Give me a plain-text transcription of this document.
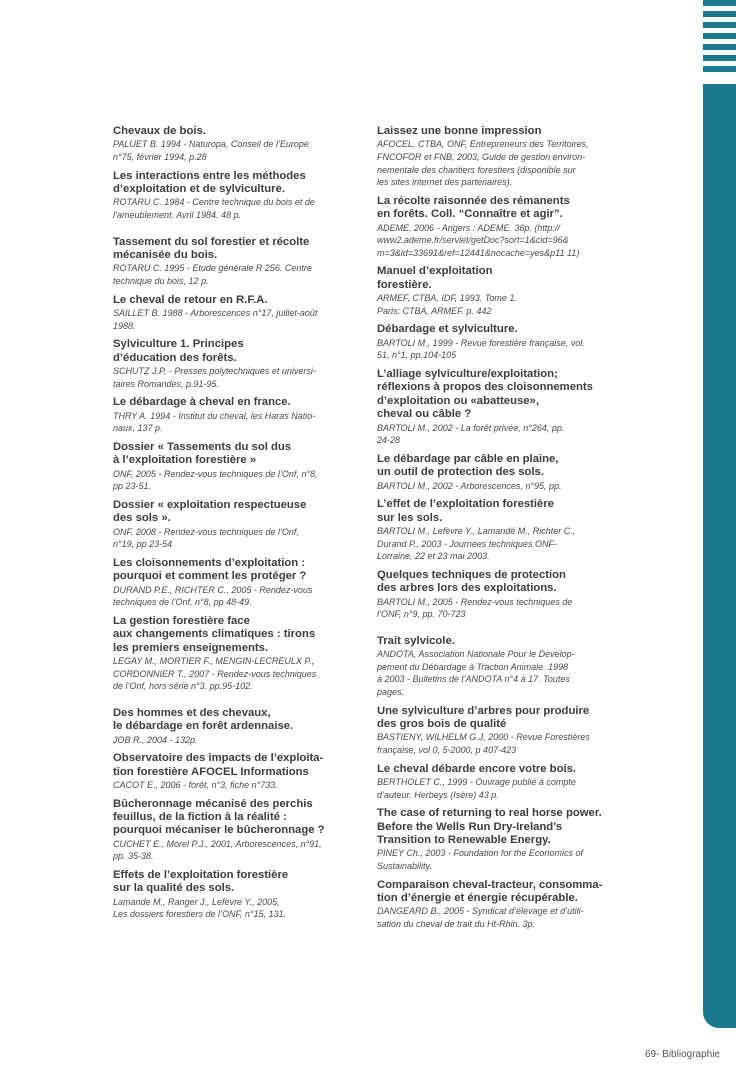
Chevaux de bois.
PALUET B. 1994 - Naturopa, Conseil de l’Europe
n°75, février 1994, p.28
Les interactions entre les méthodes
d’exploitation et de sylviculture.
ROTARU C. 1984 - Centre technique du bois et de
l’ameublement. Avril 1984. 48 p.
Tassement du sol forestier et récolte
mécanisée du bois.
ROTARU C. 1995 - Etude générale R 256. Centre
technique du bois, 12 p.
Le cheval de retour en R.F.A.
SAILLET B. 1988 - Arborescences n°17, juillet-août
1988.
Sylviculture 1. Principes
d’éducation des forêts.
SCHUTZ J.P. - Presses polytechniques et universi-
taires Romandes, p.91-95.
Le débardage à cheval en france.
THRY A. 1994 - Institut du cheval, les Haras Natio-
naux, 137 p.
Dossier « Tassements du sol dus
à l’exploitation forestière »
ONF, 2005 - Rendez-vous techniques de l’Onf, n°8,
pp 23-51.
Dossier « exploitation respectueuse
des sols ».
ONF, 2008 - Rendez-vous techniques de l’Onf,
n°19, pp 23-54
Les cloisonnements d’exploitation :
pourquoi et comment les protéger ?
DURAND P.E., RICHTER C., 2005 - Rendez-vous
techniques de l’Onf, n°8, pp 48-49.
La gestion forestière face
aux changements climatiques : tirons
les premiers enseignements.
LEGAY M., MORTIER F., MENGIN-LECREULX P.,
CORDONNIER T., 2007 - Rendez-vous techniques
de l’Onf, hors série n°3. pp.95-102.
Des hommes et des chevaux,
le débardage en forêt ardennaise.
JOB R., 2004 - 132p.
Observatoire des impacts de l’exploita-
tion forestière AFOCEL Informations
CACOT E., 2006 - forêt, n°3, fiche n°733.
Bûcheronnage mécanisé des perchis
feuillus, de la fiction à la réalité :
pourquoi mécaniser le bûcheronnage ?
CUCHET E., Morel P.J., 2001, Arborescences, n°91,
pp. 35-38.
Effets de l’exploitation forestière
sur la qualité des sols.
Lamande M., Ranger J., Lefèvre Y., 2005,
Les dossiers forestiers de l’ONF, n°15, 131.
Laissez une bonne impression
AFOCEL, CTBA, ONF, Entrepreneurs des Territoires,
FNCOFOR et FNB, 2003, Guide de gestion environ-
nementale des chantiers forestiers (disponible sur
les sites internet des partenaires).
La récolte raisonnée des rémanents
en forêts. Coll. “Connaître et agir”.
ADEME, 2006 - Angers : ADEME. 36p. (http://
www2.ademe.fr/servlet/getDoc?sort=1&cid=96&
m=3&id=33691&ref=12441&nocache=yes&p11 11)
Manuel d’exploitation
forestière.
ARMEF, CTBA, IDF, 1993. Tome 1.
Paris: CTBA, ARMEF. p. 442
Débardage et sylviculture.
BARTOLI M., 1999 - Revue forestière française, vol.
51, n°1, pp.104-105
L’alliage sylviculture/exploitation;
réflexions à propos des cloisonnements
d’exploitation ou «abatteuse»,
cheval ou câble ?
BARTOLI M., 2002 - La forêt privée, n°264, pp.
24-28
Le débardage par câble en plaine,
un outil de protection des sols.
BARTOLI M., 2002 - Arborescences, n°95, pp.
L’effet de l’exploitation forestière
sur les sols.
BARTOLI M., Lefèvre Y., Lamandé M., Richter C.,
Durand P., 2003 - Journées techniques ONF-
Lorraine, 22 et 23 mai 2003.
Quelques techniques de protection
des arbres lors des exploitations.
BARTOLI M., 2005 - Rendez-vous techniques de
l’ONF, n°9, pp. 70-723
Trait sylvicole.
ANDOTA, Association Nationale Pour le Dévelop-
pement du Débardage à Traction Animale. 1998
à 2003 - Bulletins de l’ANDOTA n°4 à 17. Toutes
pages.
Une sylviculture d’arbres pour produire
des gros bois de qualité
BASTIENY, WILHELM G.J, 2000 - Revue Forestières
française, vol 0, 5-2000, p 407-423
Le cheval débarde encore votre bois.
BERTHOLET C., 1999 - Ouvrage publié à compte
d’auteur. Herbeys (Isère) 43 p.
The case of returning to real horse power.
Before the Wells Run Dry-Ireland’s
Transition to Renewable Energy.
PINEY Ch., 2003 - Foundation for the Economics of
Sustainability.
Comparaison cheval-tracteur, consomma-
tion d’énergie et énergie récupérable.
DANGEARD B., 2005 - Syndicat d’élevage et d’utili-
sation du cheval de trait du Ht-Rhin. 3p.
69- Bibliographie
